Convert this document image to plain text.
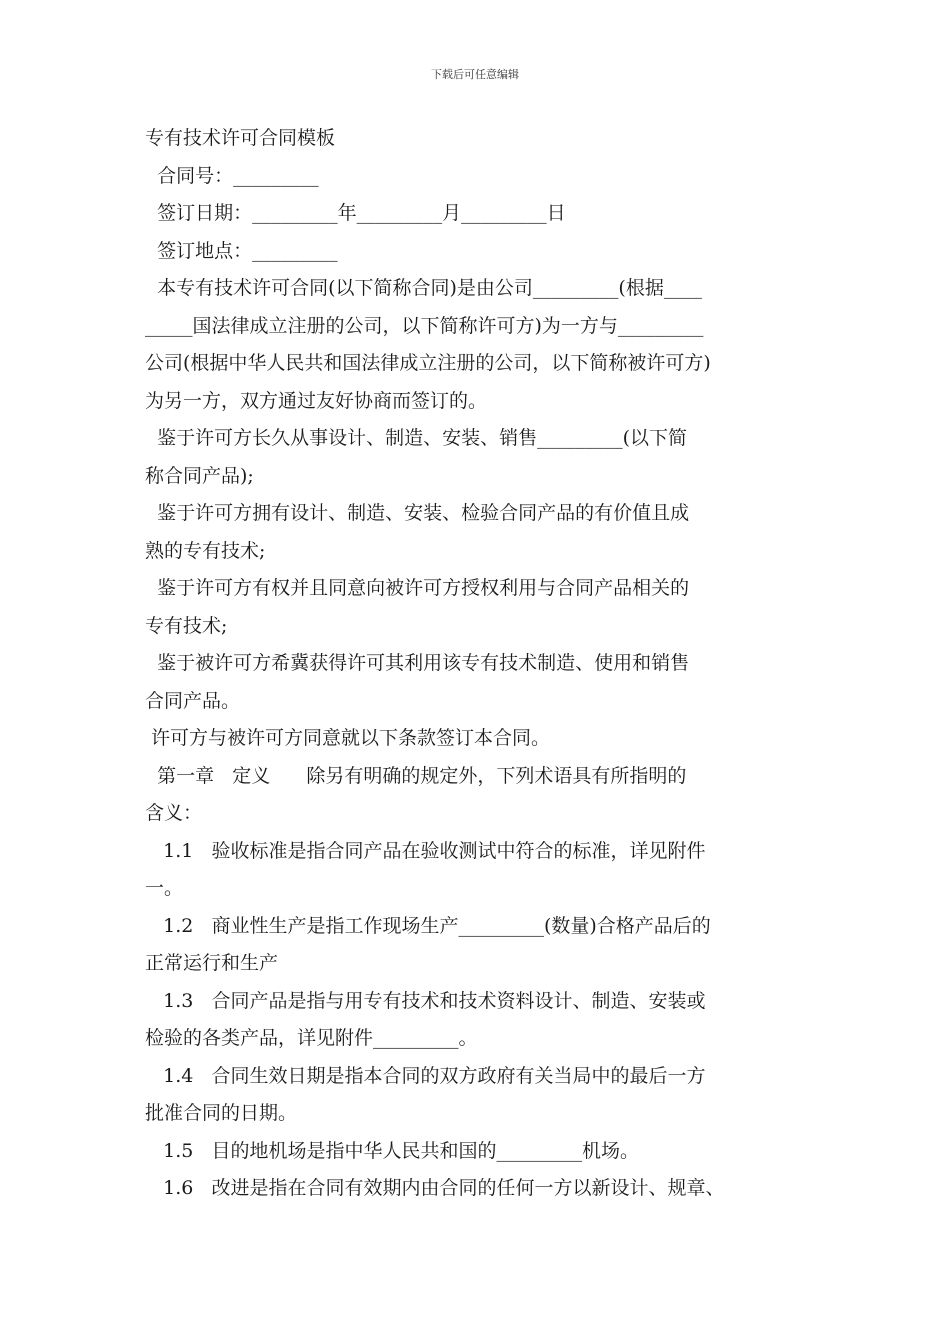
下载后可任意编辑
专有技术许可合同模板
合同号：_________
签订日期：_________年_________月_________日
签订地点：_________
本专有技术许可合同(以下简称合同)是由公司_________(根据____
_____国法律成立注册的公司，以下简称许可方)为一方与_________
公司(根据中华人民共和国法律成立注册的公司，以下简称被许可方)
为另一方，双方通过友好协商而签订的。
鉴于许可方长久从事设计、制造、安装、销售_________(以下简
称合同产品);
鉴于许可方拥有设计、制造、安装、检验合同产品的有价值且成
熟的专有技术;
鉴于许可方有权并且同意向被许可方授权利用与合同产品相关的
专有技术;
鉴于被许可方希冀获得许可其利用该专有技术制造、使用和销售
合同产品。
许可方与被许可方同意就以下条款签订本合同。
第一章   定义      除另有明确的规定外，下列术语具有所指明的
含义：
1.1   验收标准是指合同产品在验收测试中符合的标准，详见附件
一。
1.2   商业性生产是指工作现场生产_________(数量)合格产品后的
正常运行和生产
1.3   合同产品是指与用专有技术和技术资料设计、制造、安装或
检验的各类产品，详见附件_________。
1.4   合同生效日期是指本合同的双方政府有关当局中的最后一方
批准合同的日期。
1.5   目的地机场是指中华人民共和国的_________机场。
1.6   改进是指在合同有效期内由合同的任何一方以新设计、规章、
